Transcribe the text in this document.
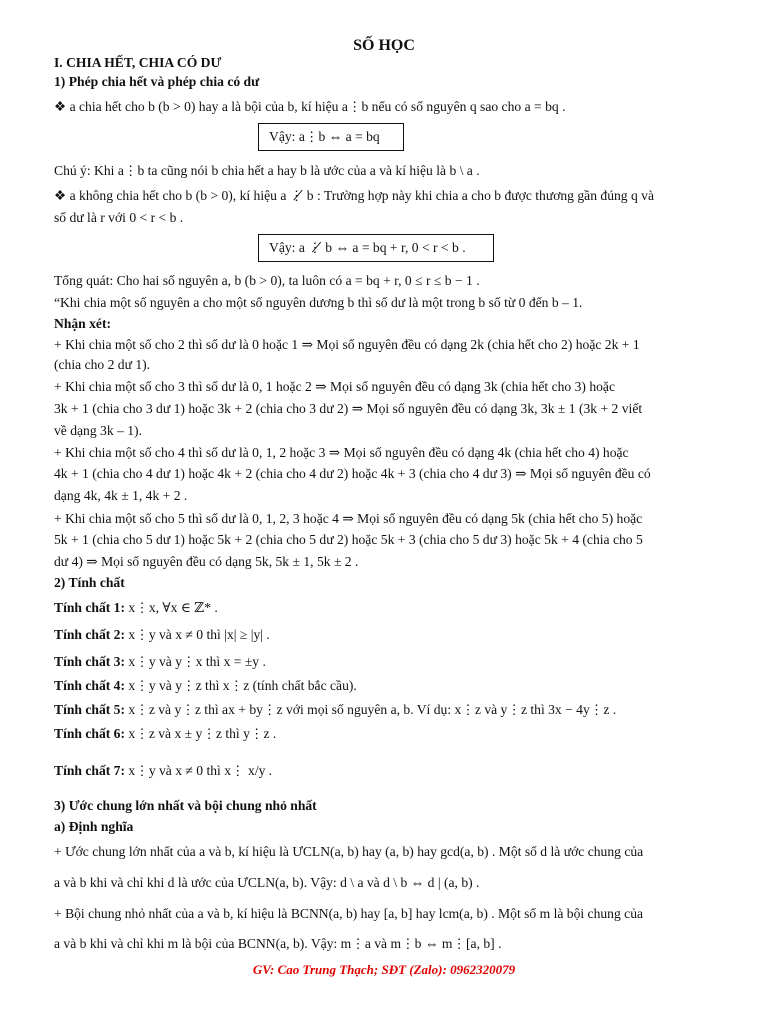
SỐ HỌC
I. CHIA HẾT, CHIA CÓ DƯ
1) Phép chia hết và phép chia có dư
❖ a chia hết cho b (b > 0) hay a là bội của b, kí hiệu a⋮b nếu có số nguyên q sao cho a = bq .
Vậy: a⋮b ⇔ a = bq
Chú ý: Khi a⋮b ta cũng nói b chia hết a hay b là ước của a và kí hiệu là b \ a .
❖ a không chia hết cho b (b > 0), kí hiệu a ⋮̸ b : Trường hợp này khi chia a cho b được thương gần đúng q và
số dư là r với 0 < r < b .
Vậy: a ⋮̸ b ⇔ a = bq + r, 0 < r < b .
Tổng quát: Cho hai số nguyên a, b (b > 0), ta luôn có a = bq + r, 0 ≤ r ≤ b − 1 .
“Khi chia một số nguyên a cho một số nguyên dương b thì số dư là một trong b số từ 0 đến b – 1.
Nhận xét:
+ Khi chia một số cho 2 thì số dư là 0 hoặc 1 ⇒ Mọi số nguyên đều có dạng 2k (chia hết cho 2) hoặc 2k + 1
(chia cho 2 dư 1).
+ Khi chia một số cho 3 thì số dư là 0, 1 hoặc 2 ⇒ Mọi số nguyên đều có dạng 3k (chia hết cho 3) hoặc
3k + 1 (chia cho 3 dư 1) hoặc 3k + 2 (chia cho 3 dư 2) ⇒ Mọi số nguyên đều có dạng 3k, 3k ± 1 (3k + 2 viết
về dạng 3k – 1).
+ Khi chia một số cho 4 thì số dư là 0, 1, 2 hoặc 3 ⇒ Mọi số nguyên đều có dạng 4k (chia hết cho 4) hoặc
4k + 1 (chia cho 4 dư 1) hoặc 4k + 2 (chia cho 4 dư 2) hoặc 4k + 3 (chia cho 4 dư 3) ⇒ Mọi số nguyên đều có
dạng 4k, 4k ± 1, 4k + 2 .
+ Khi chia một số cho 5 thì số dư là 0, 1, 2, 3 hoặc 4 ⇒ Mọi số nguyên đều có dạng 5k (chia hết cho 5) hoặc
5k + 1 (chia cho 5 dư 1) hoặc 5k + 2 (chia cho 5 dư 2) hoặc 5k + 3 (chia cho 5 dư 3) hoặc 5k + 4 (chia cho 5
dư 4) ⇒ Mọi số nguyên đều có dạng 5k, 5k ± 1, 5k ± 2 .
2) Tính chất
Tính chất 1: x⋮x, ∀x ∈ ℤ* .
Tính chất 2: x⋮y và x ≠ 0 thì |x| ≥ |y| .
Tính chất 3: x⋮y và y⋮x thì x = ±y .
Tính chất 4: x⋮y và y⋮z thì x⋮z (tính chất bắc cầu).
Tính chất 5: x⋮z và y⋮z thì ax + by⋮z với mọi số nguyên a, b. Ví dụ: x⋮z và y⋮z thì 3x − 4y⋮z .
Tính chất 6: x⋮z và x ± y⋮z thì y⋮z .
Tính chất 7: x⋮y và x ≠ 0 thì x⋮ x/y .
3) Ước chung lớn nhất và bội chung nhỏ nhất
a) Định nghĩa
+ Ước chung lớn nhất của a và b, kí hiệu là ƯCLN(a, b) hay (a, b) hay gcd(a, b) . Một số d là ước chung của
a và b khi và chỉ khi d là ước của ƯCLN(a, b). Vậy: d \ a và d \ b ⇔ d | (a, b) .
+ Bội chung nhỏ nhất của a và b, kí hiệu là BCNN(a, b) hay [a, b] hay lcm(a, b) . Một số m là bội chung của
a và b khi và chỉ khi m là bội của BCNN(a, b). Vậy: m⋮a và m⋮b ⇔ m⋮[a, b] .
GV: Cao Trung Thạch; SĐT (Zalo): 0962320079
